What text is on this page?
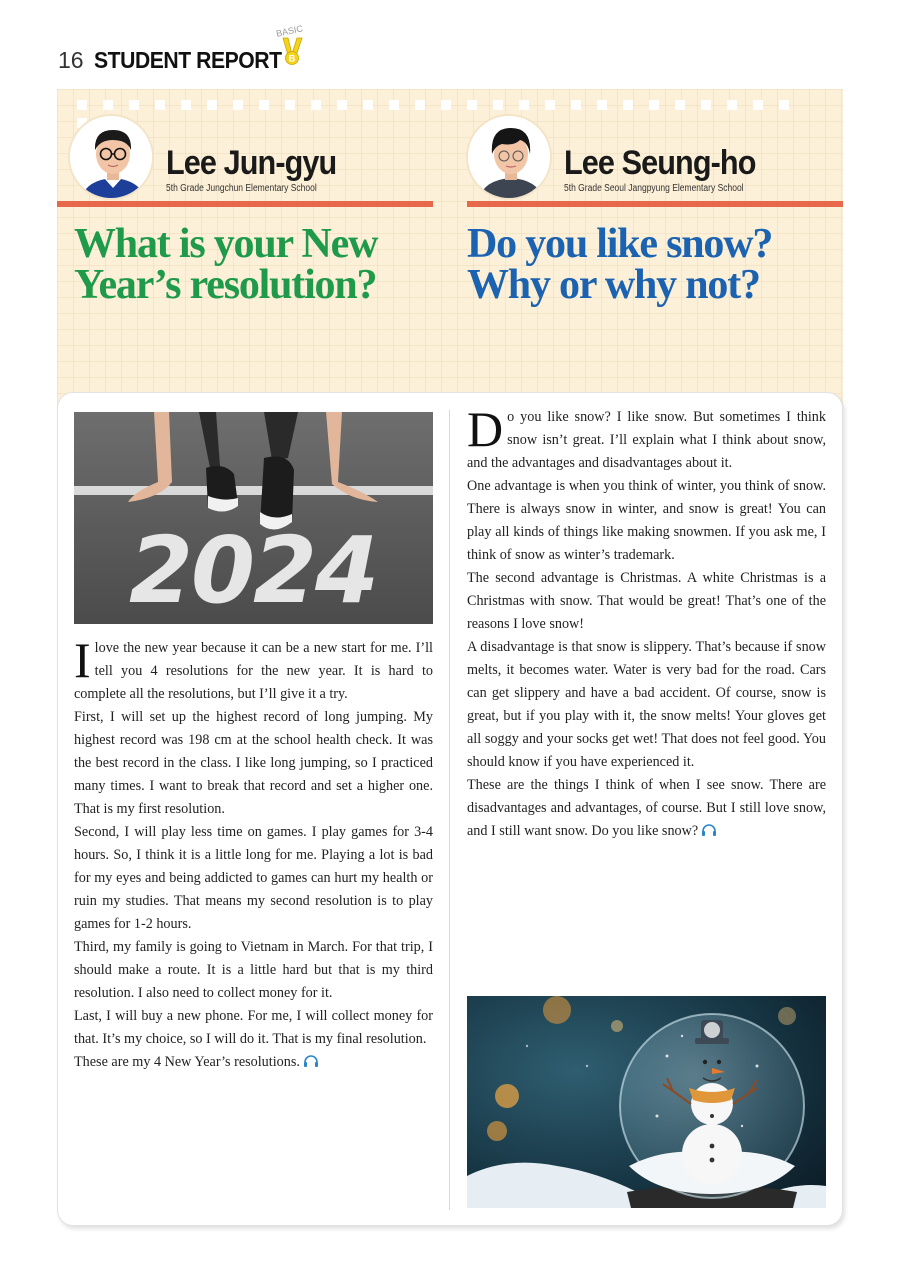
16 STUDENT REPORT
BASIC
B
Lee Jun-gyu
5th Grade Jungchun Elementary School
Lee Seung-ho
5th Grade Seoul Jangpyung Elementary School
What is your New Year’s resolution?
Do you like snow? Why or why not?
2024
I love the new year because it can be a new start for me. I’ll tell you 4 resolutions for the new year. It is hard to complete all the resolutions, but I’ll give it a try.

First, I will set up the highest record of long jumping. My highest record was 198 cm at the school health check. It was the best record in the class. I like long jumping, so I practiced many times. I want to break that record and set a higher one. That is my first resolution.

Second, I will play less time on games. I play games for 3-4 hours. So, I think it is a little long for me. Playing a lot is bad for my eyes and being addicted to games can hurt my health or ruin my studies. That means my second resolution is to play games for 1-2 hours.

Third, my family is going to Vietnam in March. For that trip, I should make a route. It is a little hard but that is my third resolution. I also need to collect money for it.

Last, I will buy a new phone. For me, I will collect money for that. It’s my choice, so I will do it. That is my final resolution.

These are my 4 New Year’s resolutions.

D o you like snow? I like snow. But sometimes I think snow isn’t great. I’ll explain what I think about snow, and the advantages and disadvantages about it.

One advantage is when you think of winter, you think of snow. There is always snow in winter, and snow is great! You can play all kinds of things like making snowmen. If you ask me, I think of snow as winter’s trademark.

The second advantage is Christmas. A white Christmas is a Christmas with snow. That would be great! That’s one of the reasons I love snow!

A disadvantage is that snow is slippery. That’s because if snow melts, it becomes water. Water is very bad for the road. Cars can get slippery and have a bad accident. Of course, snow is great, but if you play with it, the snow melts! Your gloves get all soggy and your socks get wet! That does not feel good. You should know if you have experienced it.

These are the things I think of when I see snow. There are disadvantages and advantages, of course. But I still love snow, and I still want snow. Do you like snow?
